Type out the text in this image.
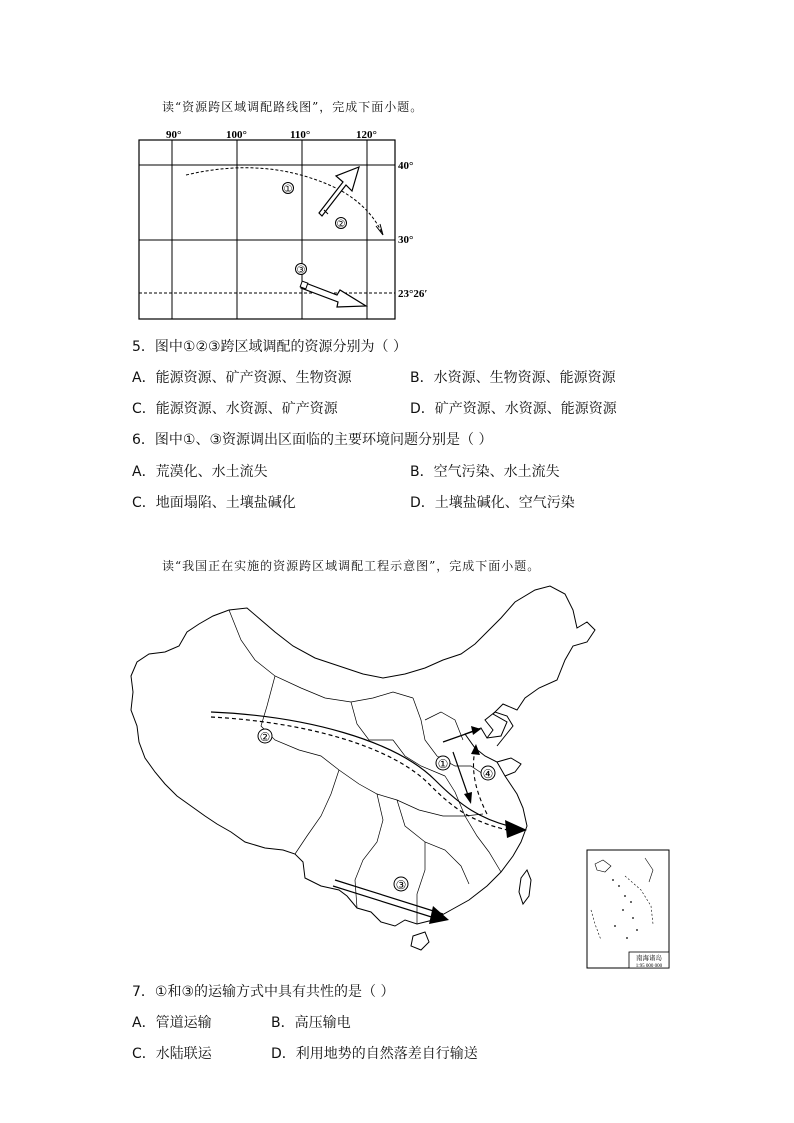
读“资源跨区域调配路线图”，完成下面小题。
90°	100°	110°	120°
40°
30°
23°26′
①
②
③
5．图中①②③跨区域调配的资源分别为（ ）
A．能源资源、矿产资源、生物资源	B．水资源、生物资源、能源资源
C．能源资源、水资源、矿产资源	D．矿产资源、水资源、能源资源
6．图中①、③资源调出区面临的主要环境问题分别是（ ）
A．荒漠化、水土流失	B．空气污染、水土流失
C．地面塌陷、土壤盐碱化	D．土壤盐碱化、空气污染
读“我国正在实施的资源跨区域调配工程示意图”，完成下面小题。
②
①
④
③
南海诸岛
1:95 000 000
7．①和③的运输方式中具有共性的是（ ）
A．管道运输	B．高压输电
C．水陆联运	D．利用地势的自然落差自行输送
